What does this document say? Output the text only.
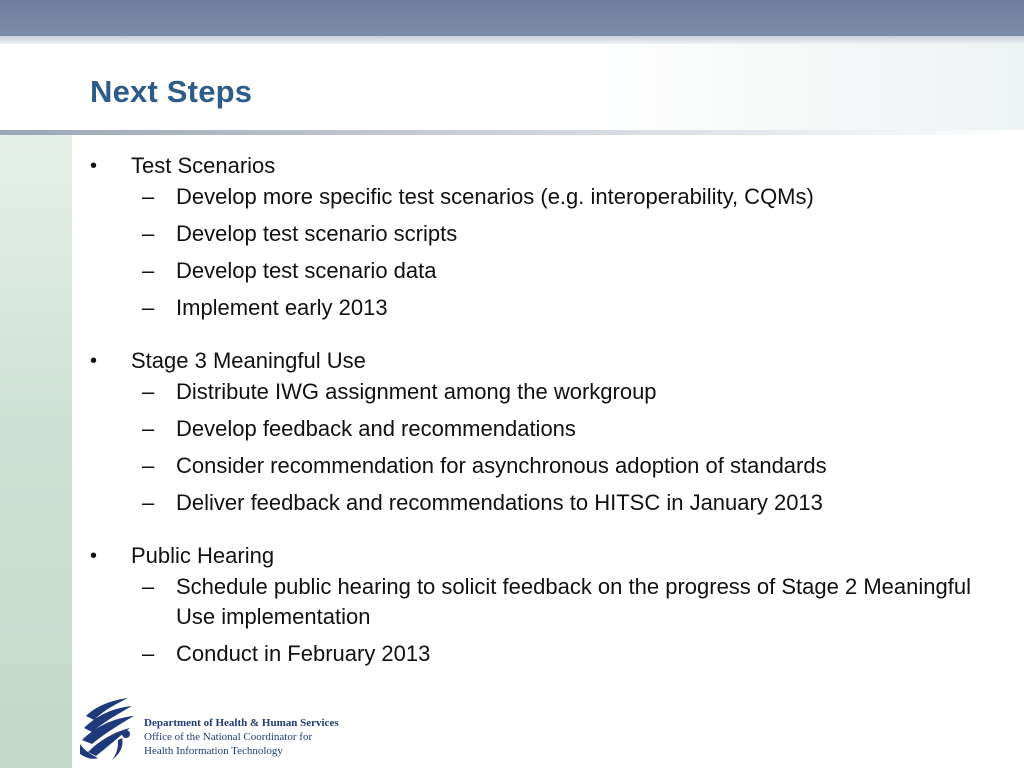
Next Steps
• Test Scenarios
– Develop more specific test scenarios (e.g. interoperability, CQMs)
– Develop test scenario scripts
– Develop test scenario data
– Implement early 2013
• Stage 3 Meaningful Use
– Distribute IWG assignment among the workgroup
– Develop feedback and recommendations
– Consider recommendation for asynchronous adoption of standards
– Deliver feedback and recommendations to HITSC in January 2013
• Public Hearing
– Schedule public hearing to solicit feedback on the progress of Stage 2 Meaningful Use implementation
– Conduct in February 2013
Department of Health & Human Services
Office of the National Coordinator for
Health Information Technology
